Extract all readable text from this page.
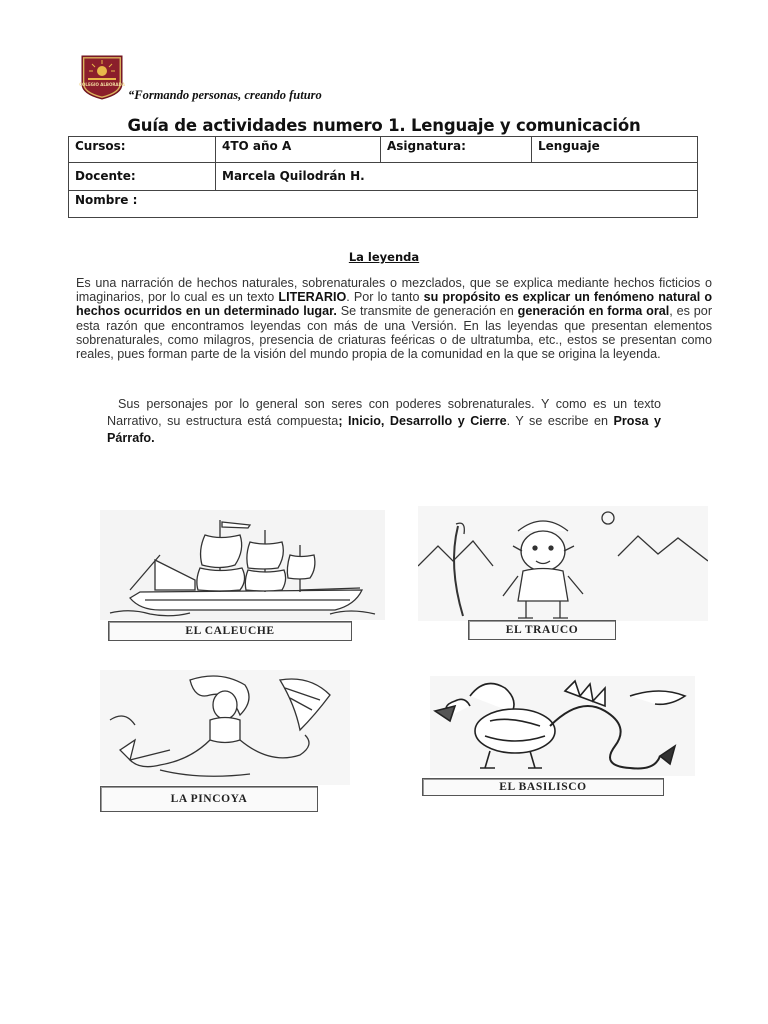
COLEGIO ALBORADA
“Formando personas, creando futuro
Guía de actividades numero 1. Lenguaje y comunicación
Cursos:	4TO año A	Asignatura:	Lenguaje
Docente:	Marcela Quilodrán H.		
Nombre :			
La leyenda
Es una narración de hechos naturales, sobrenaturales o mezclados, que se explica mediante hechos ficticios o imaginarios, por lo cual es un texto LITERARIO. Por lo tanto su propósito es explicar un fenómeno natural o hechos ocurridos en un determinado lugar. Se transmite de generación en generación en forma oral, es por esta razón que encontramos leyendas con más de una Versión. En las leyendas que presentan elementos sobrenaturales, como milagros, presencia de criaturas feéricas o de ultratumba, etc., estos se presentan como reales, pues forman parte de la visión del mundo propia de la comunidad en la que se origina la leyenda.
Sus personajes por lo general son seres con poderes sobrenaturales. Y como es un texto Narrativo, su estructura está compuesta; Inicio, Desarrollo y Cierre. Y se escribe en Prosa y Párrafo.
EL CALEUCHE	EL TRAUCO
LA PINCOYA
EL BASILISCO
